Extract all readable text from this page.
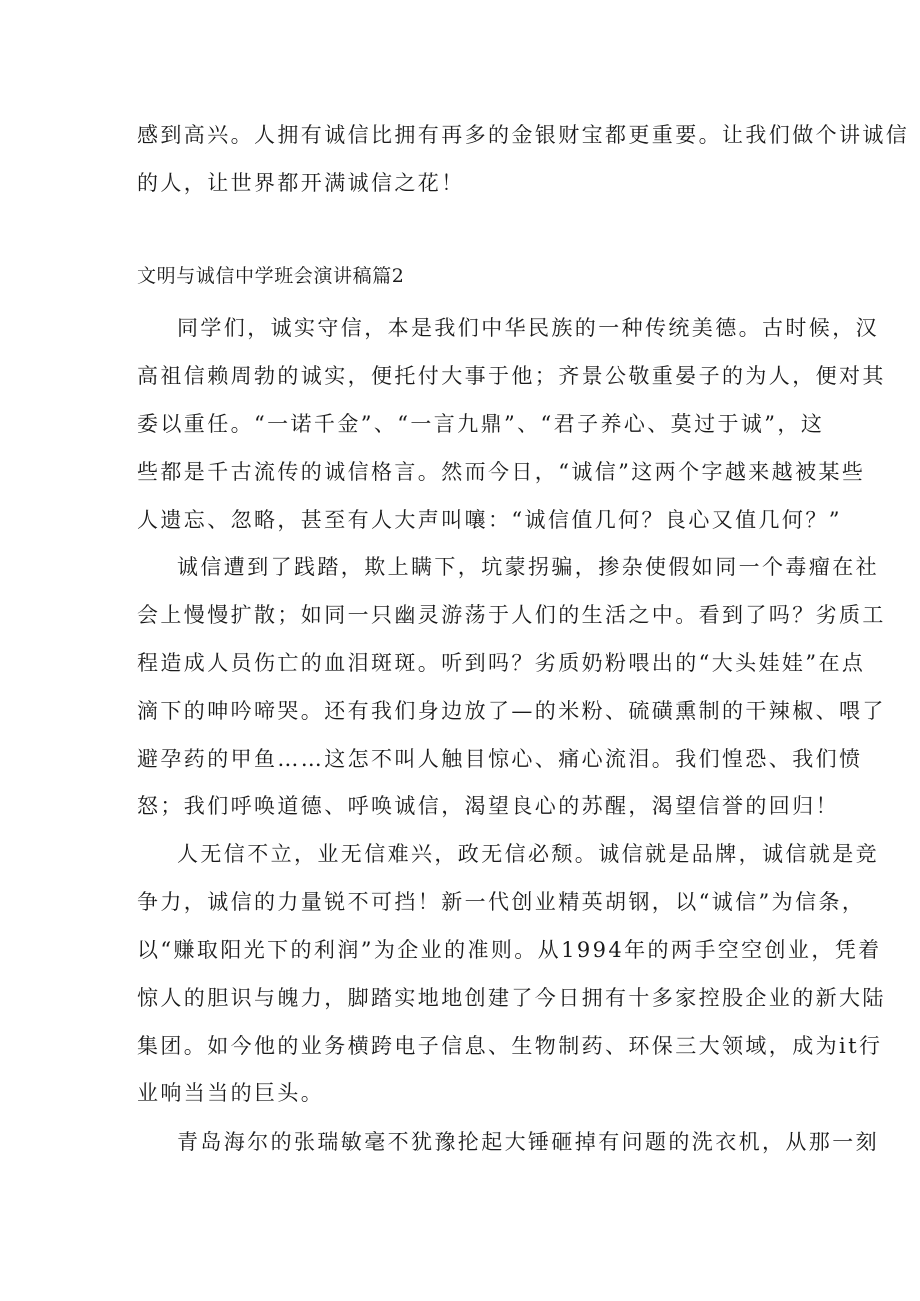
感到高兴。人拥有诚信比拥有再多的金银财宝都更重要。让我们做个讲诚信
的人，让世界都开满诚信之花！
文明与诚信中学班会演讲稿篇2
同学们，诚实守信，本是我们中华民族的一种传统美德。古时候，汉
高祖信赖周勃的诚实，便托付大事于他；齐景公敬重晏子的为人，便对其
委以重任。“一诺千金”、“一言九鼎”、“君子养心、莫过于诚”，这
些都是千古流传的诚信格言。然而今日，“诚信”这两个字越来越被某些
人遗忘、忽略，甚至有人大声叫嚷：“诚信值几何？良心又值几何？”
诚信遭到了践踏，欺上瞒下，坑蒙拐骗，掺杂使假如同一个毒瘤在社
会上慢慢扩散；如同一只幽灵游荡于人们的生活之中。看到了吗？劣质工
程造成人员伤亡的血泪斑斑。听到吗？劣质奶粉喂出的“大头娃娃”在点
滴下的呻吟啼哭。还有我们身边放了—的米粉、硫磺熏制的干辣椒、喂了
避孕药的甲鱼……这怎不叫人触目惊心、痛心流泪。我们惶恐、我们愤
怒；我们呼唤道德、呼唤诚信，渴望良心的苏醒，渴望信誉的回归！
人无信不立，业无信难兴，政无信必颓。诚信就是品牌，诚信就是竞
争力，诚信的力量锐不可挡！新一代创业精英胡钢，以“诚信”为信条，
以“赚取阳光下的利润”为企业的准则。从1994年的两手空空创业，凭着
惊人的胆识与魄力，脚踏实地地创建了今日拥有十多家控股企业的新大陆
集团。如今他的业务横跨电子信息、生物制药、环保三大领域，成为it行
业响当当的巨头。
青岛海尔的张瑞敏毫不犹豫抡起大锤砸掉有问题的洗衣机，从那一刻
